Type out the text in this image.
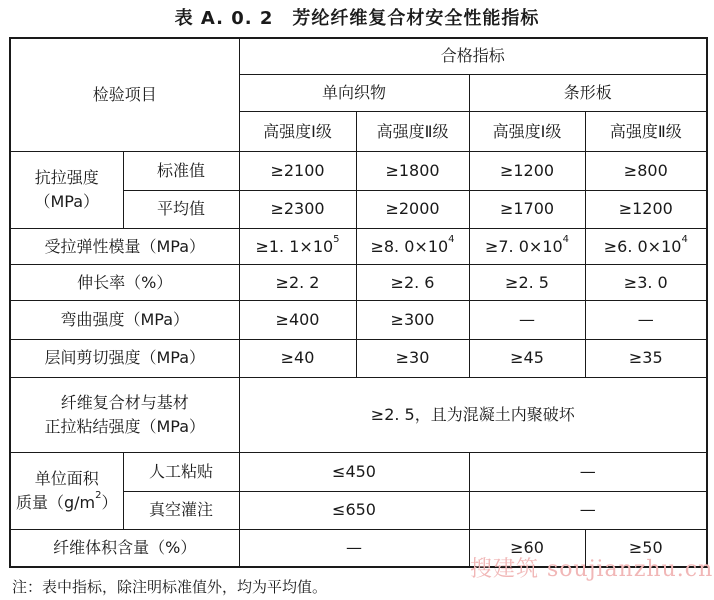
表 A. 0. 2　芳纶纤维复合材安全性能指标
检验项目		合格指标			
		单向织物		条形板	
		高强度Ⅰ级	高强度Ⅱ级	高强度Ⅰ级	高强度Ⅱ级
抗拉强度
（MPa）	标准值	≥2100	≥1800	≥1200	≥800
	平均值	≥2300	≥2000	≥1700	≥1200
受拉弹性模量（MPa）		≥1. $1\times 10^5$	≥8. $0\times 10^4$	≥7. $0\times 10^4$	≥6. $0\times 10^4$
伸长率（%）		≥2. 2	≥2. 6	≥2. 5	≥3. 0
弯曲强度（MPa）		≥400	≥300	—	—
层间剪切强度（MPa）		≥40	≥30	≥45	≥35
纤维复合材与基材
正拉粘结强度（MPa）		≥2. 5，且为混凝土内聚破坏			
单位面积
质量$(g/m^2)$	人工粘贴	≤450		—	
	真空灌注	≤650		—	
纤维体积含量（%）		—		≥60	≥50
搜建筑 soujianzhu.cn
注：表中指标，除注明标准值外，均为平均值。
